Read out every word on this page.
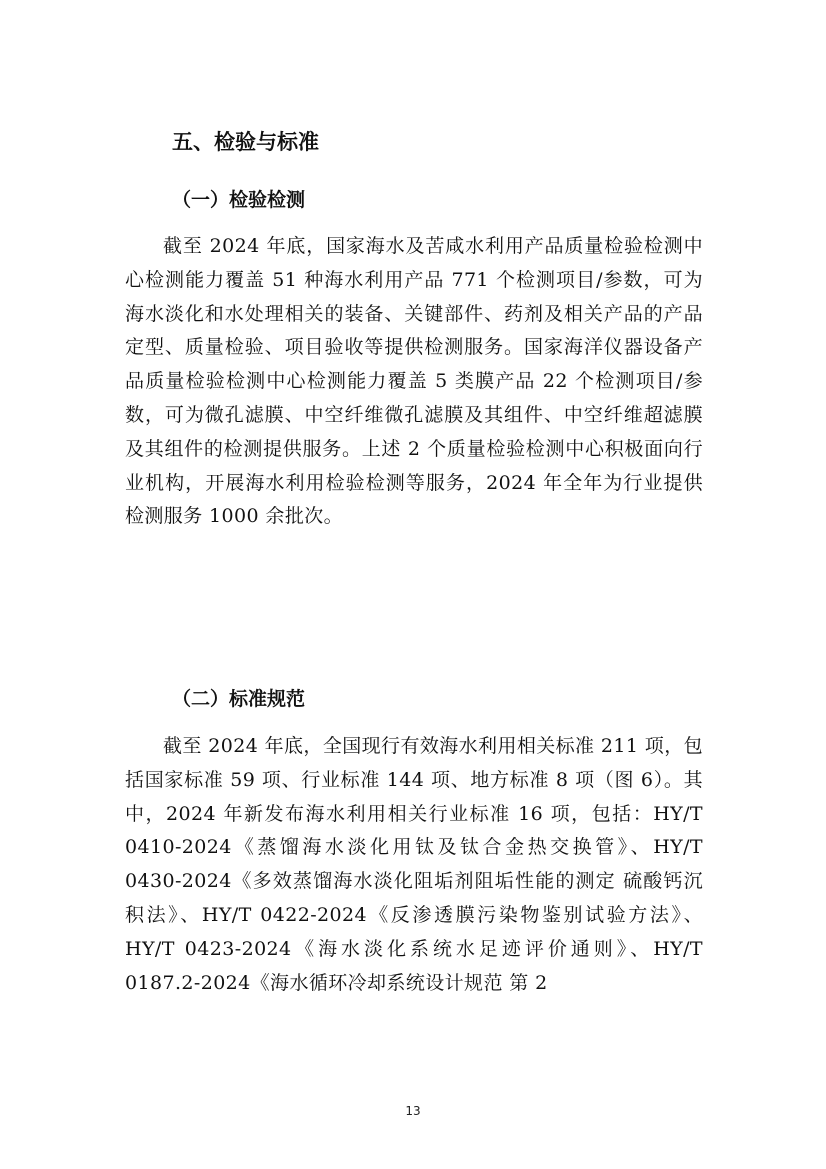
五、检验与标准
（一）检验检测

截至 2024 年底，国家海水及苦咸水利用产品质量检验检测中心检测能力覆盖 51 种海水利用产品 771 个检测项目/参数，可为海水淡化和水处理相关的装备、关键部件、药剂及相关产品的产品定型、质量检验、项目验收等提供检测服务。国家海洋仪器设备产品质量检验检测中心检测能力覆盖 5 类膜产品 22 个检测项目/参数，可为微孔滤膜、中空纤维微孔滤膜及其组件、中空纤维超滤膜及其组件的检测提供服务。上述 2 个质量检验检测中心积极面向行业机构，开展海水利用检验检测等服务，2024 年全年为行业提供检测服务 1000 余批次。

（二）标准规范

截至 2024 年底，全国现行有效海水利用相关标准 211 项，包括国家标准 59 项、行业标准 144 项、地方标准 8 项（图 6）。其中，2024 年新发布海水利用相关行业标准 16 项，包括：HY/T 0410-2024《蒸馏海水淡化用钛及钛合金热交换管》、HY/T 0430-2024《多效蒸馏海水淡化阻垢剂阻垢性能的测定 硫酸钙沉积法》、HY/T 0422-2024《反渗透膜污染物鉴别试验方法》、HY/T 0423-2024《海水淡化系统水足迹评价通则》、HY/T 0187.2-2024《海水循环冷却系统设计规范 第 2

13
